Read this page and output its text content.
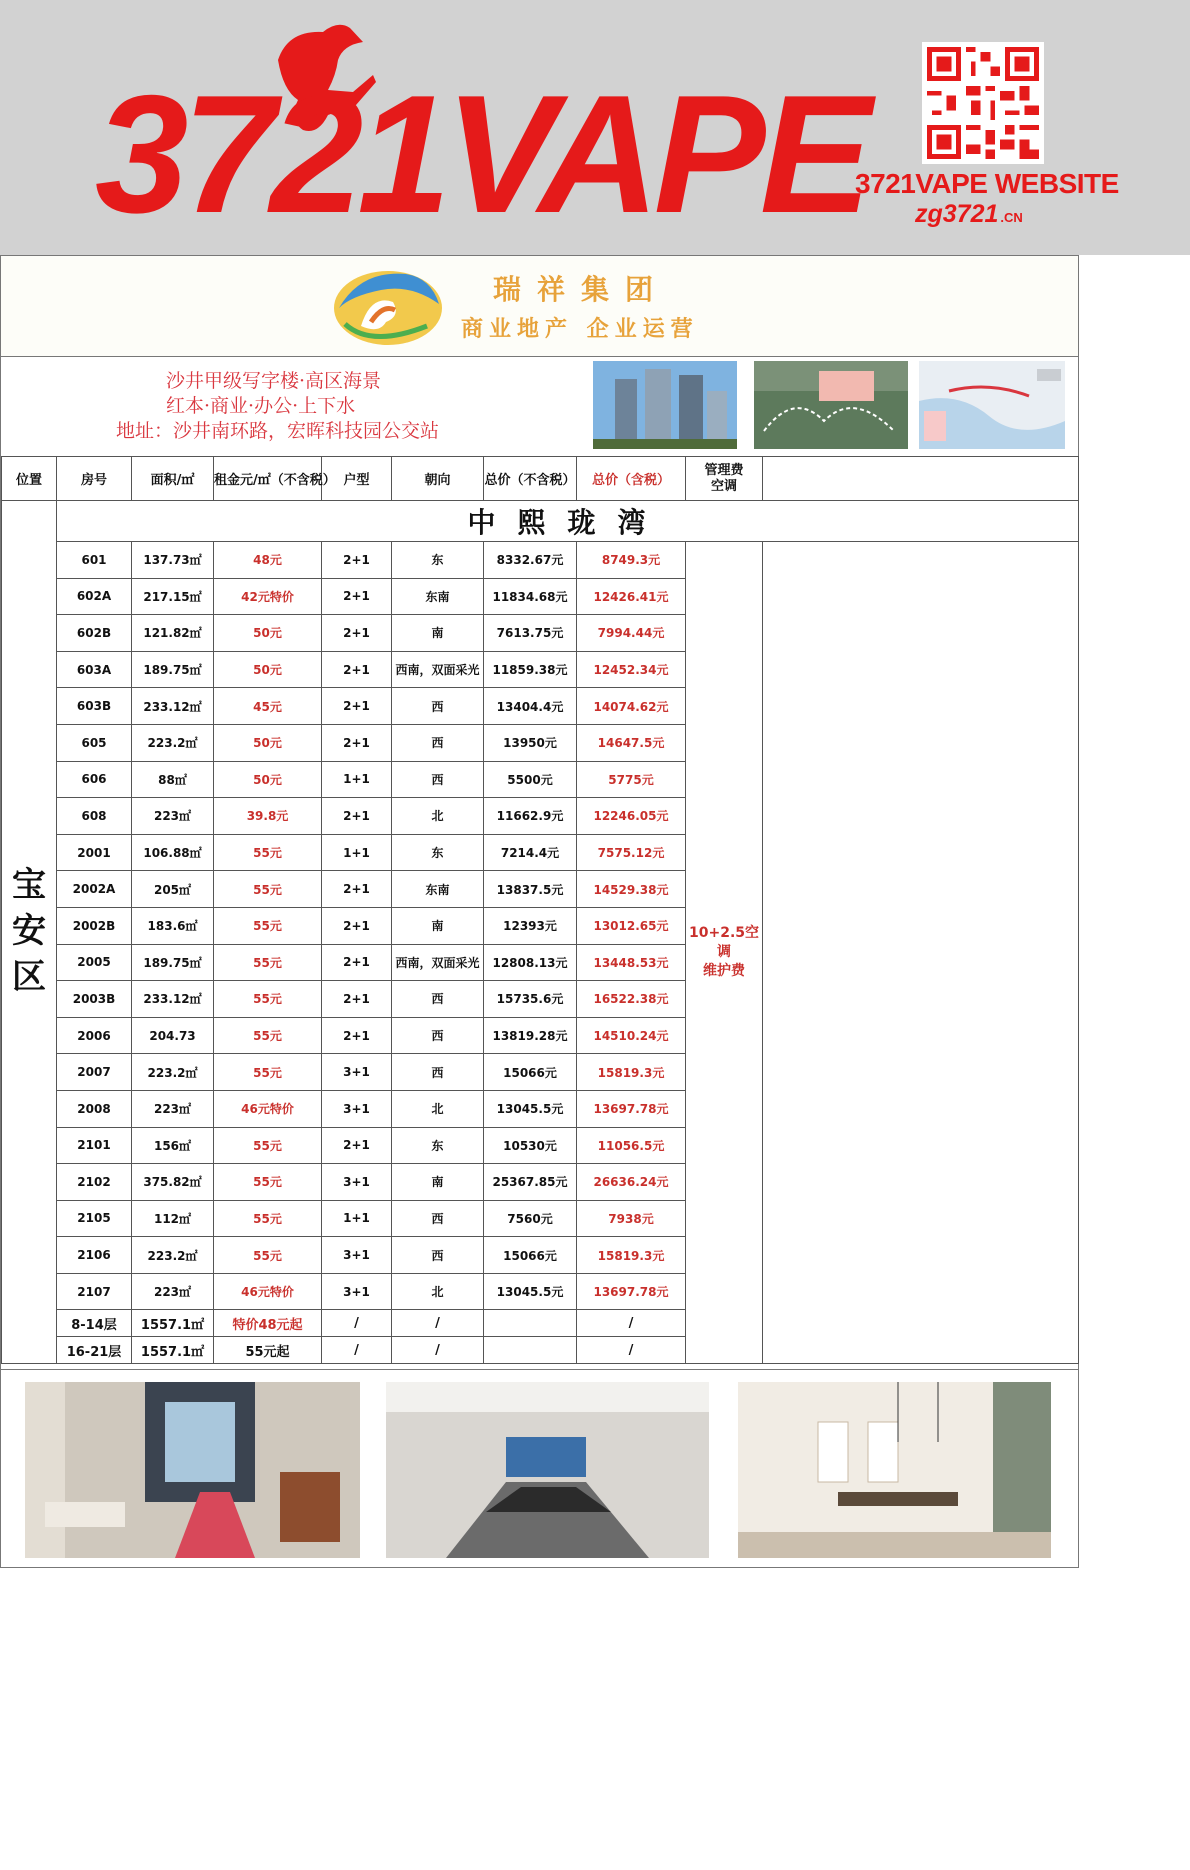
3721VAPE
3721VAPE WEBSITE
zg3721 .CN
瑞祥集团
商业地产 企业运营
沙井甲级写字楼·高区海景
红本·商业·办公·上下水
地址：沙井南环路，宏晖科技园公交站
位置	房号	面积/㎡	租金元/㎡（不含税）	户型	朝向	总价（不含税）	总价（含税）	管理费
空调	

宝
安
区	中熙珑湾								
	601	137.73㎡	48元	2+1	东	8332.67元	8749.3元	10+2.5空调
维护费	
	602A	217.15㎡	42元特价	2+1	东南	11834.68元	12426.41元		
	602B	121.82㎡	50元	2+1	南	7613.75元	7994.44元		
	603A	189.75㎡	50元	2+1	西南，双面采光	11859.38元	12452.34元		
	603B	233.12㎡	45元	2+1	西	13404.4元	14074.62元		
	605	223.2㎡	50元	2+1	西	13950元	14647.5元		
	606	88㎡	50元	1+1	西	5500元	5775元		
	608	223㎡	39.8元	2+1	北	11662.9元	12246.05元		
	2001	106.88㎡	55元	1+1	东	7214.4元	7575.12元		
	2002A	205㎡	55元	2+1	东南	13837.5元	14529.38元		
	2002B	183.6㎡	55元	2+1	南	12393元	13012.65元		
	2005	189.75㎡	55元	2+1	西南，双面采光	12808.13元	13448.53元		
	2003B	233.12㎡	55元	2+1	西	15735.6元	16522.38元		
	2006	204.73	55元	2+1	西	13819.28元	14510.24元		
	2007	223.2㎡	55元	3+1	西	15066元	15819.3元		
	2008	223㎡	46元特价	3+1	北	13045.5元	13697.78元		
	2101	156㎡	55元	2+1	东	10530元	11056.5元		
	2102	375.82㎡	55元	3+1	南	25367.85元	26636.24元		
	2105	112㎡	55元	1+1	西	7560元	7938元		
	2106	223.2㎡	55元	3+1	西	15066元	15819.3元		
	2107	223㎡	46元特价	3+1	北	13045.5元	13697.78元		
	8-14层	1557.1㎡	特价48元起	/	/		/		
	16-21层	1557.1㎡	55元起	/	/		/		
